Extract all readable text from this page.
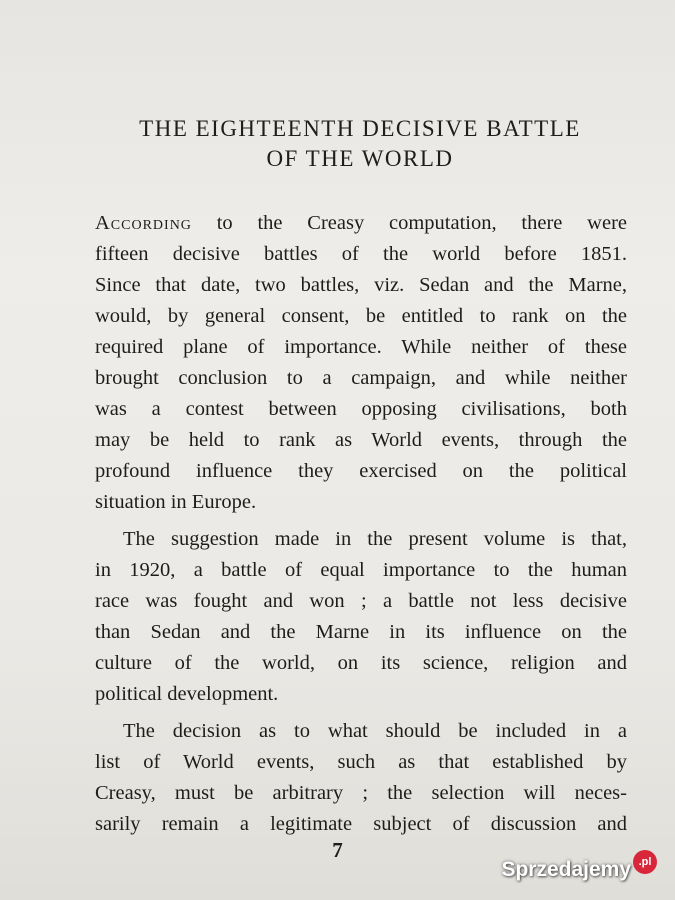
THE EIGHTEENTH DECISIVE BATTLE
OF THE WORLD

According to the Creasy computation, there were
fifteen decisive battles of the world before 1851.
Since that date, two battles, viz. Sedan and the Marne,
would, by general consent, be entitled to rank on the
required plane of importance. While neither of these
brought conclusion to a campaign, and while neither
was a contest between opposing civilisations, both
may be held to rank as World events, through the
profound influence they exercised on the political
situation in Europe.

The suggestion made in the present volume is that,
in 1920, a battle of equal importance to the human
race was fought and won ; a battle not less decisive
than Sedan and the Marne in its influence on the
culture of the world, on its science, religion and
political development.

The decision as to what should be included in a
list of World events, such as that established by
Creasy, must be arbitrary ; the selection will neces-
sarily remain a legitimate subject of discussion and

7
Sprzedajemy .pl
